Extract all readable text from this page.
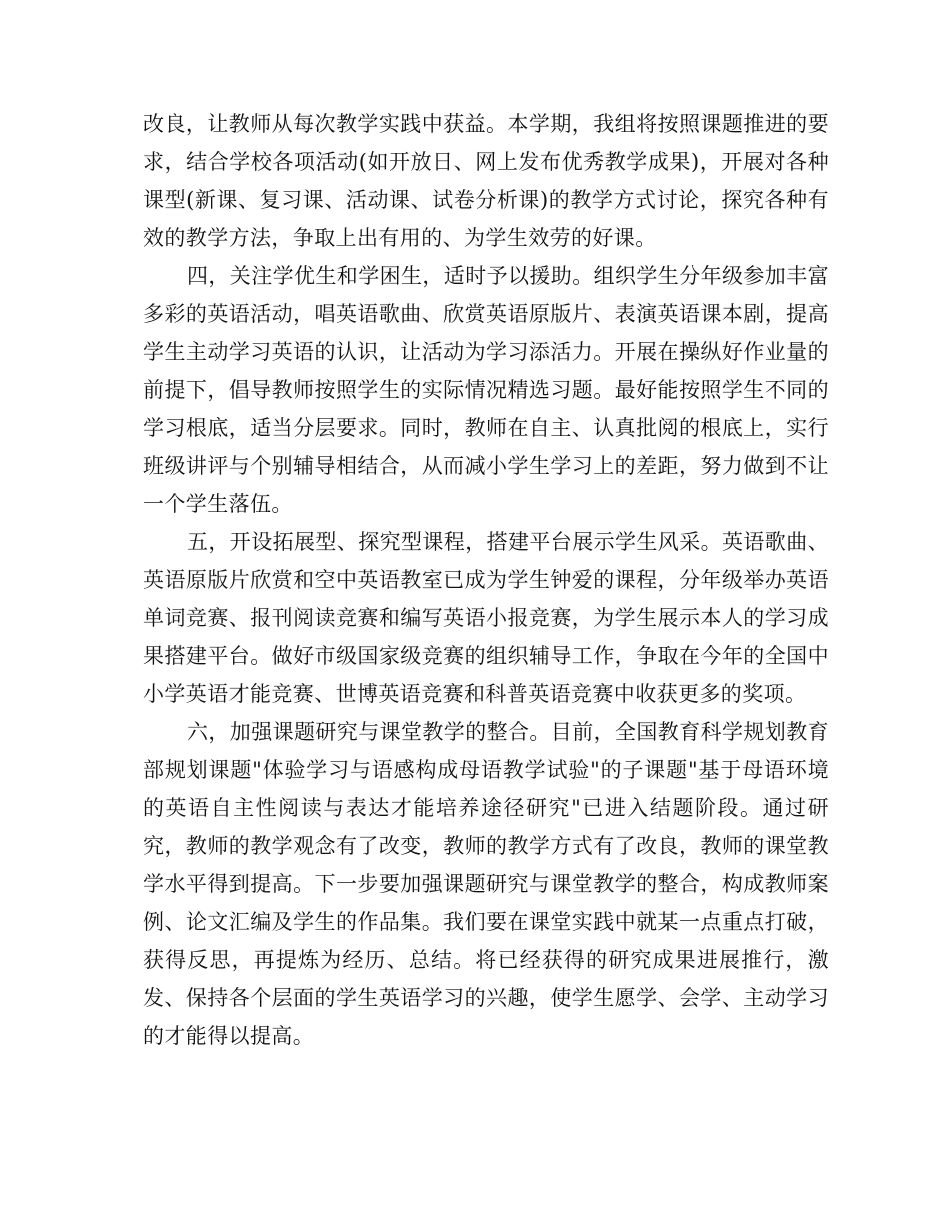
改良，让教师从每次教学实践中获益。本学期，我组将按照课题推进的要求，结合学校各项活动(如开放日、网上发布优秀教学成果)，开展对各种课型(新课、复习课、活动课、试卷分析课)的教学方式讨论，探究各种有效的教学方法，争取上出有用的、为学生效劳的好课。

四，关注学优生和学困生，适时予以援助。组织学生分年级参加丰富多彩的英语活动，唱英语歌曲、欣赏英语原版片、表演英语课本剧，提高学生主动学习英语的认识，让活动为学习添活力。开展在操纵好作业量的前提下，倡导教师按照学生的实际情况精选习题。最好能按照学生不同的学习根底，适当分层要求。同时，教师在自主、认真批阅的根底上，实行班级讲评与个别辅导相结合，从而减小学生学习上的差距，努力做到不让一个学生落伍。

五，开设拓展型、探究型课程，搭建平台展示学生风采。英语歌曲、英语原版片欣赏和空中英语教室已成为学生钟爱的课程，分年级举办英语单词竞赛、报刊阅读竞赛和编写英语小报竞赛，为学生展示本人的学习成果搭建平台。做好市级国家级竞赛的组织辅导工作，争取在今年的全国中小学英语才能竞赛、世博英语竞赛和科普英语竞赛中收获更多的奖项。

六，加强课题研究与课堂教学的整合。目前，全国教育科学规划教育部规划课题"体验学习与语感构成母语教学试验"的子课题"基于母语环境的英语自主性阅读与表达才能培养途径研究"已进入结题阶段。通过研究，教师的教学观念有了改变，教师的教学方式有了改良，教师的课堂教学水平得到提高。下一步要加强课题研究与课堂教学的整合，构成教师案例、论文汇编及学生的作品集。我们要在课堂实践中就某一点重点打破，获得反思，再提炼为经历、总结。将已经获得的研究成果进展推行，激发、保持各个层面的学生英语学习的兴趣，使学生愿学、会学、主动学习的才能得以提高。
